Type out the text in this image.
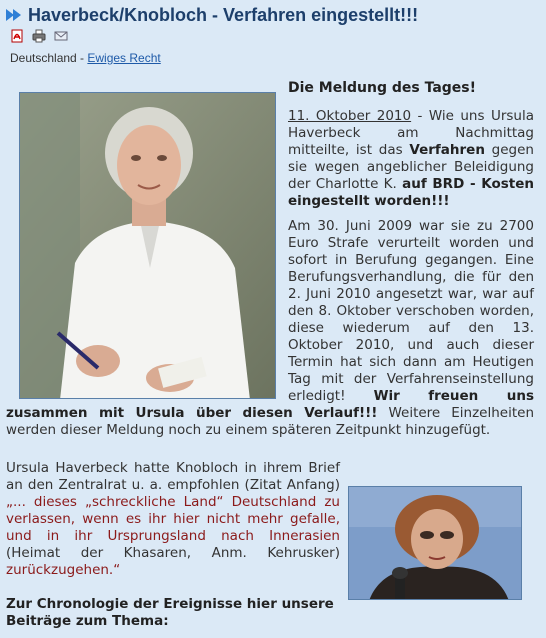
Haverbeck/Knobloch - Verfahren eingestellt!!!
Deutschland - Ewiges Recht

Die Meldung des Tages!

11. Oktober 2010 - Wie uns Ursula Haverbeck am Nachmittag mitteilte, ist das Verfahren gegen sie wegen angeblicher Beleidigung der Charlotte K. auf BRD - Kosten eingestellt worden!!!

Am 30. Juni 2009 war sie zu 2700 Euro Strafe verurteilt worden und sofort in Berufung gegangen. Eine Berufungsverhandlung, die für den 2. Juni 2010 angesetzt war, war auf den 8. Oktober verschoben worden, diese wiederum auf den 13. Oktober 2010, und auch dieser Termin hat sich dann am Heutigen Tag mit der Verfahrenseinstellung erledigt! Wir freuen uns zusammen mit Ursula über diesen Verlauf!!! Weitere Einzelheiten werden dieser Meldung noch zu einem späteren Zeitpunkt hinzugefügt.
Ursula Haverbeck hatte Knobloch in ihrem Brief an den Zentralrat u. a. empfohlen (Zitat Anfang) „... dieses „schreckliche Land“ Deutschland zu verlassen, wenn es ihr hier nicht mehr gefalle, und in ihr Ursprungsland nach Innerasien (Heimat der Khasaren, Anm. Kehrusker) zurückzugehen.“

Zur Chronologie der Ereignisse hier unsere Beiträge zum Thema:
